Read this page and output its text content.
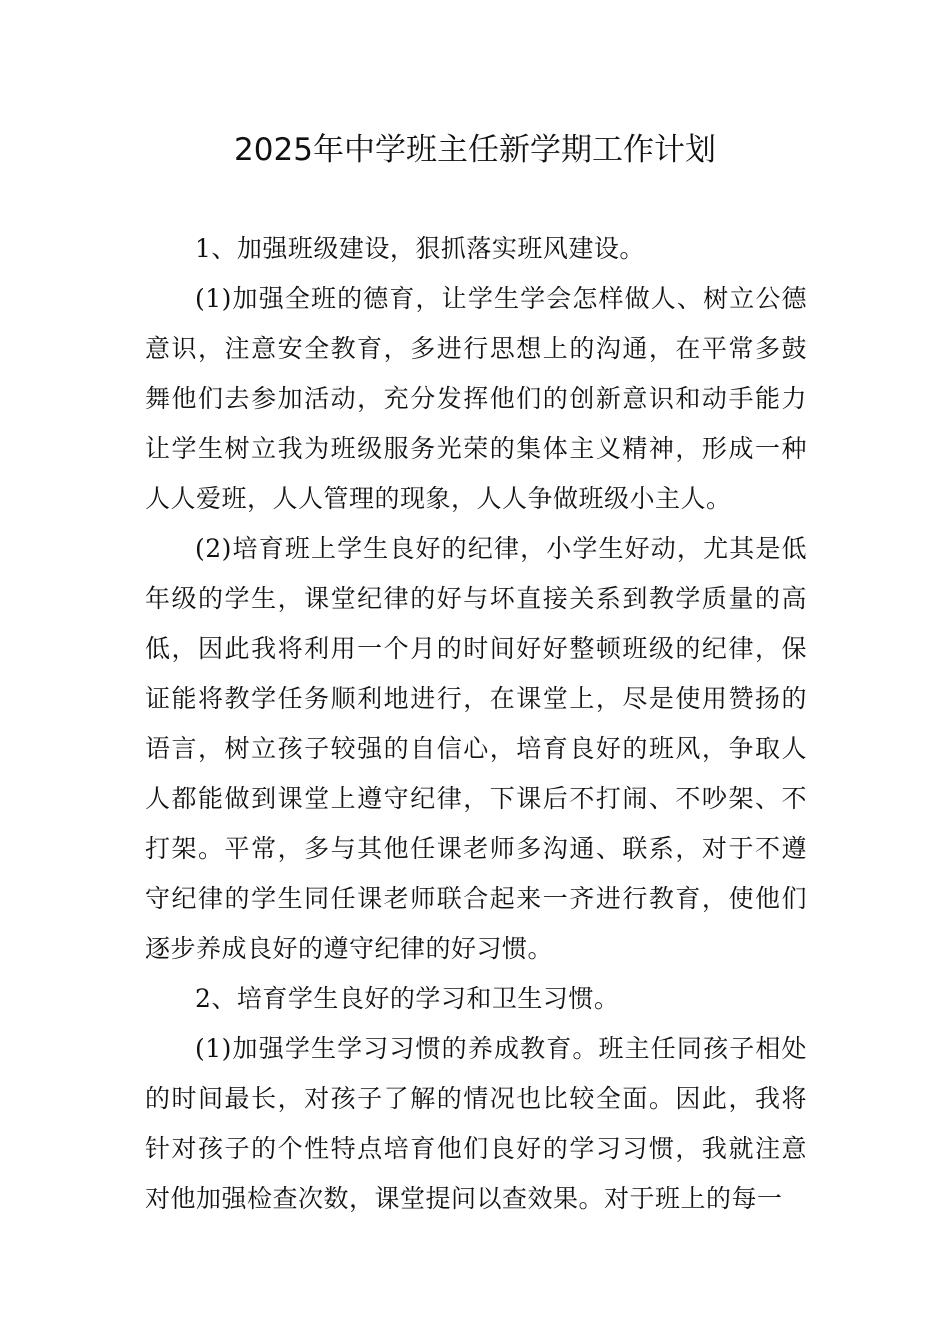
2025年中学班主任新学期工作计划

1、加强班级建设，狠抓落实班风建设。

(1)加强全班的德育，让学生学会怎样做人、树立公德意识，注意安全教育，多进行思想上的沟通，在平常多鼓舞他们去参加活动，充分发挥他们的创新意识和动手能力让学生树立我为班级服务光荣的集体主义精神，形成一种人人爱班，人人管理的现象，人人争做班级小主人。

(2)培育班上学生良好的纪律，小学生好动，尤其是低年级的学生，课堂纪律的好与坏直接关系到教学质量的高低，因此我将利用一个月的时间好好整顿班级的纪律，保证能将教学任务顺利地进行，在课堂上，尽是使用赞扬的语言，树立孩子较强的自信心，培育良好的班风，争取人人都能做到课堂上遵守纪律，下课后不打闹、不吵架、不打架。平常，多与其他任课老师多沟通、联系，对于不遵守纪律的学生同任课老师联合起来一齐进行教育，使他们逐步养成良好的遵守纪律的好习惯。

2、培育学生良好的学习和卫生习惯。

(1)加强学生学习习惯的养成教育。班主任同孩子相处的时间最长，对孩子了解的情况也比较全面。因此，我将针对孩子的个性特点培育他们良好的学习习惯，我就注意对他加强检查次数，课堂提问以查效果。对于班上的每一
